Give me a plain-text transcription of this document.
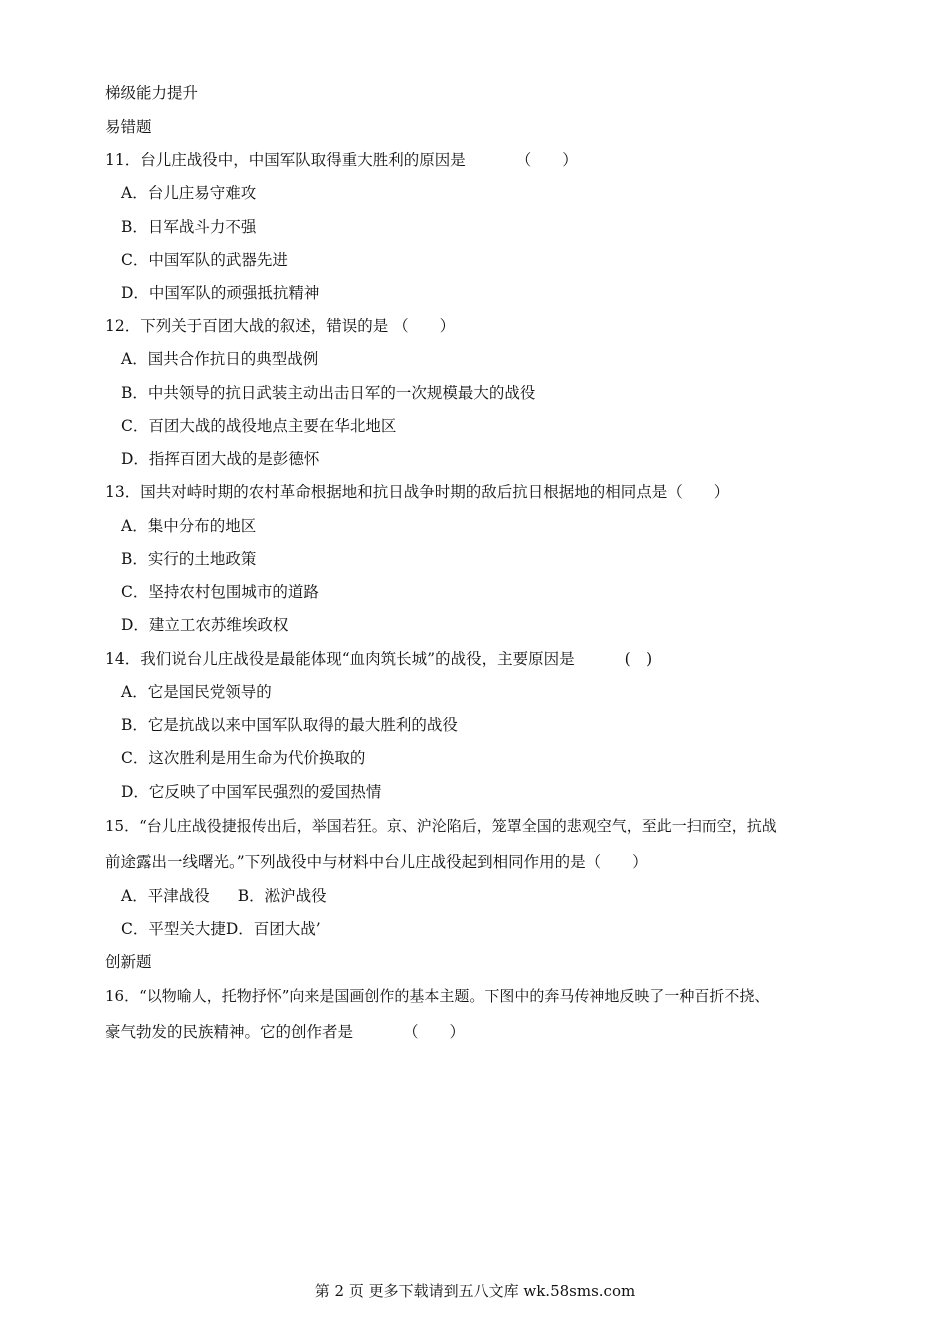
梯级能力提升
易错题
11．台儿庄战役中，中国军队取得重大胜利的原因是	（　　）
A．台儿庄易守难攻
B．日军战斗力不强
C．中国军队的武器先进
D．中国军队的顽强抵抗精神
12．下列关于百团大战的叙述，错误的是 （　　）
A．国共合作抗日的典型战例
B．中共领导的抗日武装主动出击日军的一次规模最大的战役
C．百团大战的战役地点主要在华北地区
D．指挥百团大战的是彭德怀
13．国共对峙时期的农村革命根据地和抗日战争时期的敌后抗日根据地的相同点是（　　）
A．集中分布的地区
B．实行的土地政策
C．坚持农村包围城市的道路
D．建立工农苏维埃政权
14．我们说台儿庄战役是最能体现“血肉筑长城”的战役，主要原因是	(　)
A．它是国民党领导的
B．它是抗战以来中国军队取得的最大胜利的战役
C．这次胜利是用生命为代价换取的
D．它反映了中国军民强烈的爱国热情
15．“台儿庄战役捷报传出后，举国若狂。京、沪沦陷后，笼罩全国的悲观空气，至此一扫而空，抗战
前途露出一线曙光。”下列战役中与材料中台儿庄战役起到相同作用的是（　　）
A．平津战役 B．淞沪战役
C．平型关大捷D．百团大战’
创新题
16．“以物喻人，托物抒怀”向来是国画创作的基本主题。下图中的奔马传神地反映了一种百折不挠、
豪气勃发的民族精神。它的创作者是	（　　）
第 2 页 更多下载请到五八文库 wk.58sms.com
